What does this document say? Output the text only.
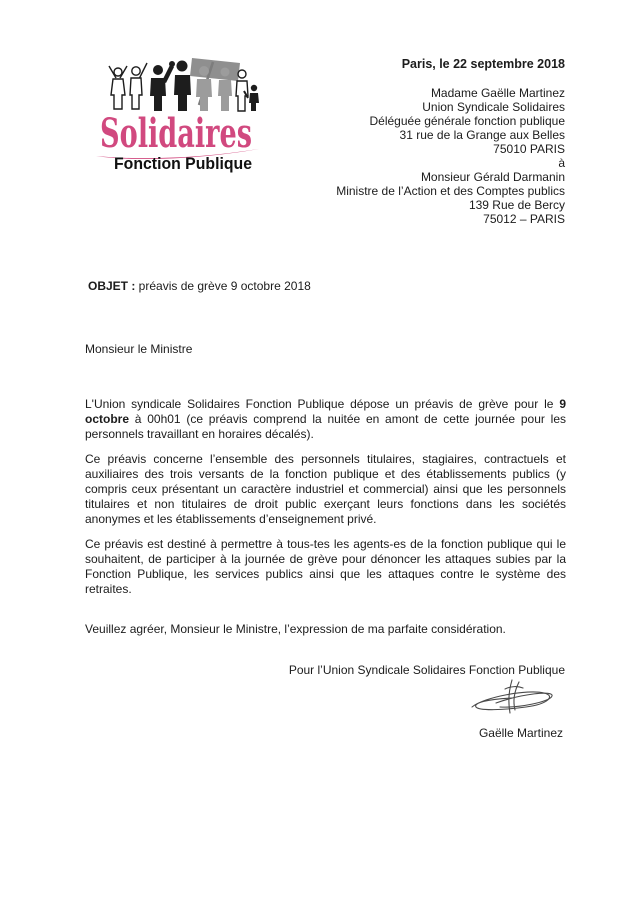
Solidaires
Fonction Publique
Paris, le 22 septembre 2018
Madame Gaëlle Martinez
Union Syndicale Solidaires
Déléguée générale fonction publique
31 rue de la Grange aux Belles
75010 PARIS
à
Monsieur Gérald Darmanin
Ministre de l’Action et des Comptes publics
139 Rue de Bercy
75012 – PARIS
OBJET : préavis de grève 9 octobre 2018
Monsieur le Ministre

L'Union syndicale Solidaires Fonction Publique dépose un préavis de grève pour le 9 octobre à 00h01 (ce préavis comprend la nuitée en amont de cette journée pour les personnels travaillant en horaires décalés).

Ce préavis concerne l’ensemble des personnels titulaires, stagiaires, contractuels et auxiliaires des trois versants de la fonction publique et des établissements publics (y compris ceux présentant un caractère industriel et commercial) ainsi que les personnels titulaires et non titulaires de droit public exerçant leurs fonctions dans les sociétés anonymes et les établissements d’enseignement privé.

Ce préavis est destiné à permettre à tous-tes les agents-es de la fonction publique qui le souhaitent, de participer à la journée de grève pour dénoncer les attaques subies par la Fonction Publique, les services publics ainsi que les attaques contre le système des retraites.

Veuillez agréer, Monsieur le Ministre, l’expression de ma parfaite considération.

Pour l’Union Syndicale Solidaires Fonction Publique
Gaëlle Martinez
